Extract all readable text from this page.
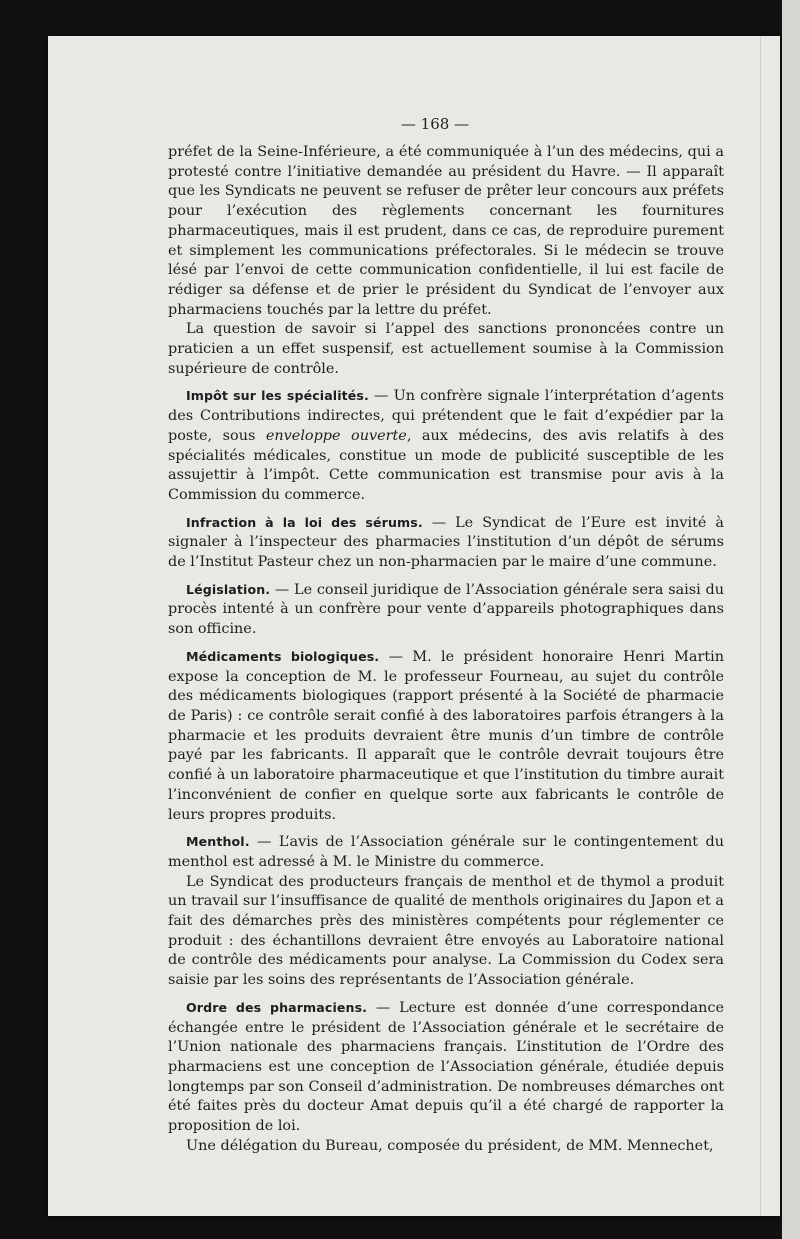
— 168 —

préfet de la Seine-Inférieure, a été communiquée à l’un des médecins, qui a protesté contre l’initiative demandée au président du Havre. — Il apparaît que les Syndicats ne peuvent se refuser de prêter leur concours aux préfets pour l’exécution des règlements concernant les fournitures pharmaceutiques, mais il est prudent, dans ce cas, de reproduire purement et simplement les communications préfectorales. Si le médecin se trouve lésé par l’envoi de cette communication confidentielle, il lui est facile de rédiger sa défense et de prier le président du Syndicat de l’envoyer aux pharmaciens touchés par la lettre du préfet.

La question de savoir si l’appel des sanctions prononcées contre un praticien a un effet suspensif, est actuellement soumise à la Commission supérieure de contrôle.

Impôt sur les spécialités. — Un confrère signale l’interprétation d’agents des Contributions indirectes, qui prétendent que le fait d’expédier par la poste, sous enveloppe ouverte, aux médecins, des avis relatifs à des spécialités médicales, constitue un mode de publicité susceptible de les assujettir à l’impôt. Cette communication est transmise pour avis à la Commission du commerce.

Infraction à la loi des sérums. — Le Syndicat de l’Eure est invité à signaler à l’inspecteur des pharmacies l’institution d’un dépôt de sérums de l’Institut Pasteur chez un non-pharmacien par le maire d’une commune.

Législation. — Le conseil juridique de l’Association générale sera saisi du procès intenté à un confrère pour vente d’appareils photographiques dans son officine.

Médicaments biologiques. — M. le président honoraire Henri Martin expose la conception de M. le professeur Fourneau, au sujet du contrôle des médicaments biologiques (rapport présenté à la Société de pharmacie de Paris) : ce contrôle serait confié à des laboratoires parfois étrangers à la pharmacie et les produits devraient être munis d’un timbre de contrôle payé par les fabricants. Il apparaît que le contrôle devrait toujours être confié à un laboratoire pharmaceutique et que l’institution du timbre aurait l’inconvénient de confier en quelque sorte aux fabricants le contrôle de leurs propres produits.

Menthol. — L’avis de l’Association générale sur le contingentement du menthol est adressé à M. le Ministre du commerce.

Le Syndicat des producteurs français de menthol et de thymol a produit un travail sur l’insuffisance de qualité de menthols originaires du Japon et a fait des démarches près des ministères compétents pour réglementer ce produit : des échantillons devraient être envoyés au Laboratoire national de contrôle des médicaments pour analyse. La Commission du Codex sera saisie par les soins des représentants de l’Association générale.

Ordre des pharmaciens. — Lecture est donnée d’une correspondance échangée entre le président de l’Association générale et le secrétaire de l’Union nationale des pharmaciens français. L’institution de l’Ordre des pharmaciens est une conception de l’Association générale, étudiée depuis longtemps par son Conseil d’administration. De nombreuses démarches ont été faites près du docteur Amat depuis qu’il a été chargé de rapporter la proposition de loi.

Une délégation du Bureau, composée du président, de MM. Mennechet,
